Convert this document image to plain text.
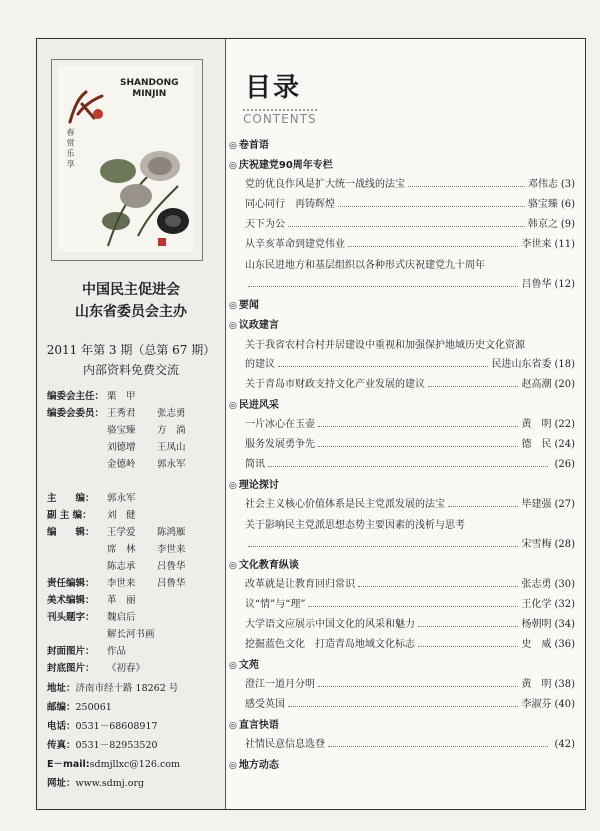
SHANDONG
MINJIN
春 赏 乐 享
中国民主促进会
山东省委员会主办
2011 年第 3 期（总第 67 期）
内部资料免费交流
编委会主任： 栗　甲
编委会委员： 王秀君 张志勇
骆宝臻 方　淌
刘德增 王凤山
金德岭 郭永军
主　　编： 郭永军
副 主 编： 刘　健
编　　辑： 王学爱 陈鸿雁
席　林 李世来
陈志承 吕鲁华
责任编辑： 李世来 吕鲁华
美术编辑： 革　丽
刊头题字： 魏启后
封面图片：解长河书画作品
封底图片： 《初春》
地址：济南市经十路 18262 号
邮编：250061
电话：0531－68608917
传真：0531－82953520
E－mail:sdmjllxc@126.com
网址：www.sdmj.org
目录
CONTENTS
◎ 卷首语
◎ 庆祝建党90周年专栏
党的优良作风是扩大统一战线的法宝	邓伟志 (3)
同心同行　再铸辉煌	骆宝臻 (6)
天下为公	韩京之 (9)
从辛亥革命到建党伟业	李世来 (11)
山东民进地方和基层组织以各种形式庆祝建党九十周年
吕鲁华 (12)
◎ 要闻
◎ 议政建言
关于我省农村合村并居建设中重视和加强保护地域历史文化资源
的建议	民进山东省委 (18)
关于青岛市财政支持文化产业发展的建议	赵高潮 (20)
◎ 民进风采
一片冰心在玉壶	黄　明 (22)
服务发展勇争先	德　民 (24)
简讯	(26)
◎ 理论探讨
社会主义核心价值体系是民主党派发展的法宝	毕建强 (27)
关于影响民主党派思想态势主要因素的浅析与思考
宋雪梅 (28)
◎ 文化教育纵谈
改革就是让教育回归常识	张志勇 (30)
议“情”与“理”	王化学 (32)
大学语文应展示中国文化的风采和魅力	杨朝明 (34)
挖掘蓝色文化　打造青岛地域文化标志	史　威 (36)
◎ 文苑
澄江一道月分明	黄　明 (38)
感受英国	李淑芬 (40)
◎ 直言快语
社情民意信息选登	(42)
◎ 地方动态
